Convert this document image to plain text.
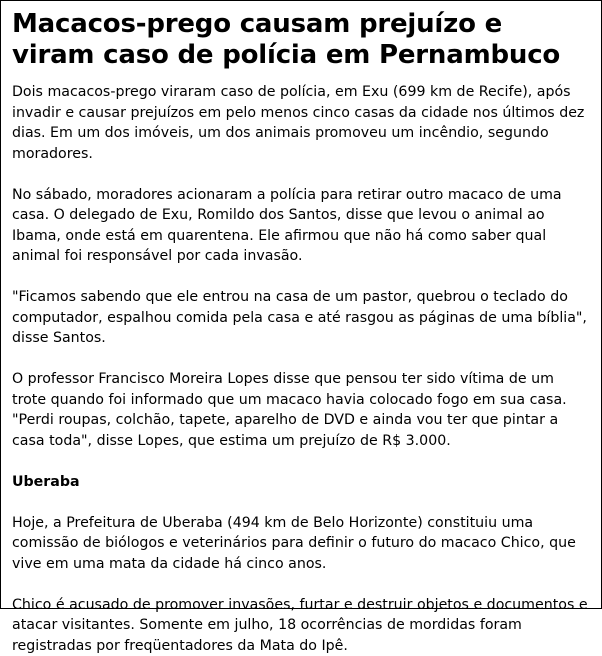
Macacos-prego causam prejuízo e viram caso de polícia em Pernambuco

Dois macacos-prego viraram caso de polícia, em Exu (699 km de Recife), após invadir e causar prejuízos em pelo menos cinco casas da cidade nos últimos dez dias. Em um dos imóveis, um dos animais promoveu um incêndio, segundo moradores.

No sábado, moradores acionaram a polícia para retirar outro macaco de uma casa. O delegado de Exu, Romildo dos Santos, disse que levou o animal ao Ibama, onde está em quarentena. Ele afirmou que não há como saber qual animal foi responsável por cada invasão.

"Ficamos sabendo que ele entrou na casa de um pastor, quebrou o teclado do computador, espalhou comida pela casa e até rasgou as páginas de uma bíblia", disse Santos.

O professor Francisco Moreira Lopes disse que pensou ter sido vítima de um trote quando foi informado que um macaco havia colocado fogo em sua casa. "Perdi roupas, colchão, tapete, aparelho de DVD e ainda vou ter que pintar a casa toda", disse Lopes, que estima um prejuízo de R$ 3.000.

Uberaba

Hoje, a Prefeitura de Uberaba (494 km de Belo Horizonte) constituiu uma comissão de biólogos e veterinários para definir o futuro do macaco Chico, que vive em uma mata da cidade há cinco anos.

Chico é acusado de promover invasões, furtar e destruir objetos e documentos e atacar visitantes. Somente em julho, 18 ocorrências de mordidas foram registradas por freqüentadores da Mata do Ipê.
